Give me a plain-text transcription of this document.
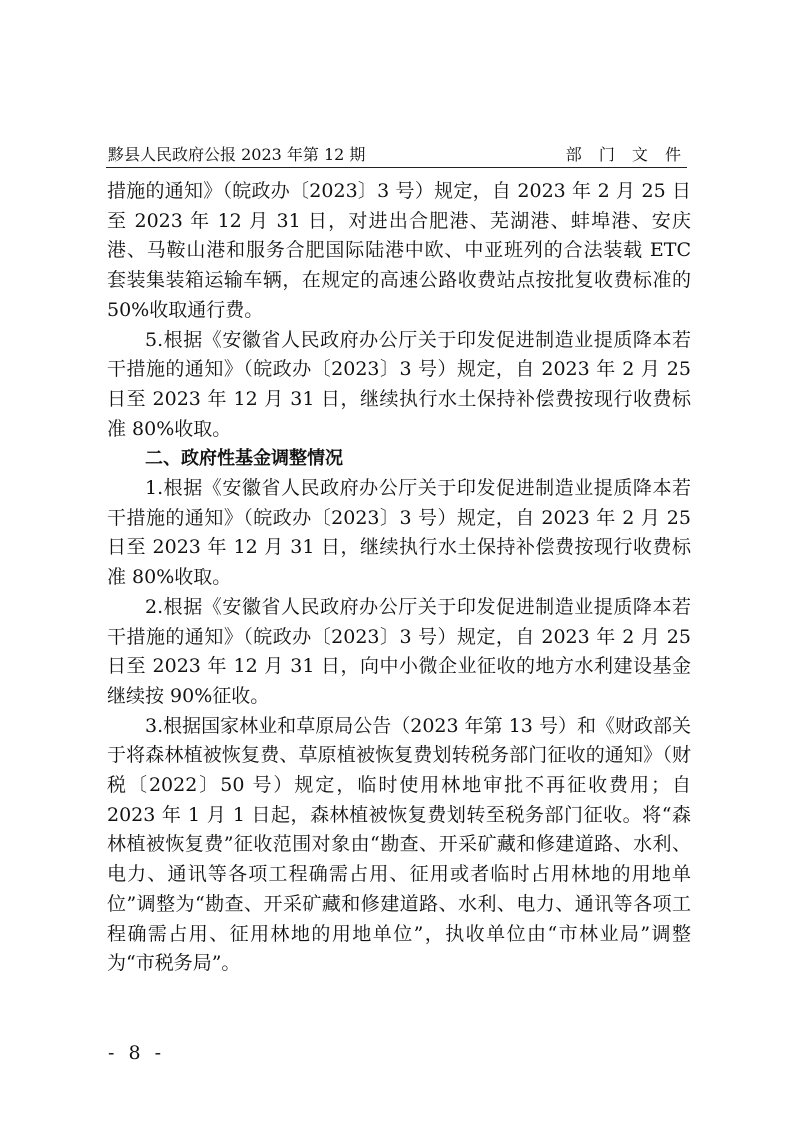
黟县人民政府公报 2023 年第 12 期	部 门 文 件

措施的通知》（皖政办〔2023〕3 号）规定，自 2023 年 2 月 25 日至 2023 年 12 月 31 日，对进出合肥港、芜湖港、蚌埠港、安庆港、马鞍山港和服务合肥国际陆港中欧、中亚班列的合法装载 ETC 套装集装箱运输车辆，在规定的高速公路收费站点按批复收费标准的 50%收取通行费。

5.根据《安徽省人民政府办公厅关于印发促进制造业提质降本若干措施的通知》（皖政办〔2023〕3 号）规定，自 2023 年 2 月 25 日至 2023 年 12 月 31 日，继续执行水土保持补偿费按现行收费标准 80%收取。

二、政府性基金调整情况

1.根据《安徽省人民政府办公厅关于印发促进制造业提质降本若干措施的通知》（皖政办〔2023〕3 号）规定，自 2023 年 2 月 25 日至 2023 年 12 月 31 日，继续执行水土保持补偿费按现行收费标准 80%收取。

2.根据《安徽省人民政府办公厅关于印发促进制造业提质降本若干措施的通知》（皖政办〔2023〕3 号）规定，自 2023 年 2 月 25 日至 2023 年 12 月 31 日，向中小微企业征收的地方水利建设基金继续按 90%征收。

3.根据国家林业和草原局公告（2023 年第 13 号）和《财政部关于将森林植被恢复费、草原植被恢复费划转税务部门征收的通知》（财税〔2022〕50 号）规定，临时使用林地审批不再征收费用；自 2023 年 1 月 1 日起，森林植被恢复费划转至税务部门征收。将“森林植被恢复费”征收范围对象由“勘查、开采矿藏和修建道路、水利、电力、通讯等各项工程确需占用、征用或者临时占用林地的用地单位”调整为“勘查、开采矿藏和修建道路、水利、电力、通讯等各项工程确需占用、征用林地的用地单位”，执收单位由“市林业局”调整为“市税务局”。

- 8 -
